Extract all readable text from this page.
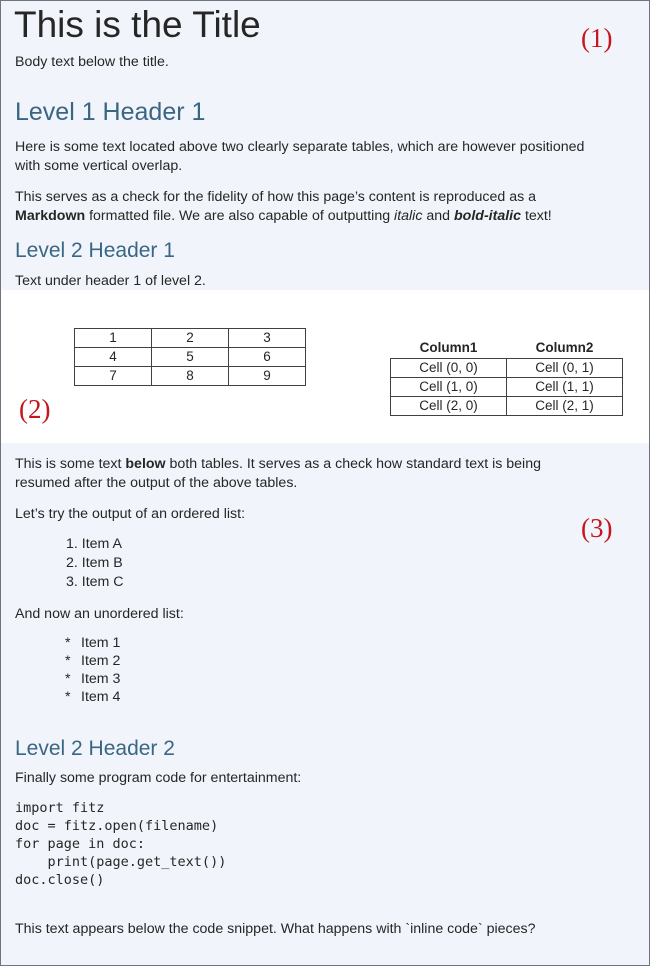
This is the Title
Body text below the title.
(1)
Level 1 Header 1
Here is some text located above two clearly separate tables, which are however positioned
with some vertical overlap.
This serves as a check for the fidelity of how this page’s content is reproduced as a
Markdown formatted file. We are also capable of outputting italic and bold-italic text!
Level 2 Header 1
Text under header 1 of level 2.
1	2	3
4	5	6
7	8	9
Column1	Column2
Cell (0, 0)	Cell (0, 1)
Cell (1, 0)	Cell (1, 1)
Cell (2, 0)	Cell (2, 1)
(2)
This is some text below both tables. It serves as a check how standard text is being
resumed after the output of the above tables.
(3)
Let’s try the output of an ordered list:
1. Item A
2. Item B
3. Item C
And now an unordered list:
* Item 1
* Item 2
* Item 3
* Item 4
Level 2 Header 2
Finally some program code for entertainment:
import fitz
doc = fitz.open(filename)
for page in doc:
print(page.get_text())
doc.close()
This text appears below the code snippet. What happens with `inline code` pieces?
